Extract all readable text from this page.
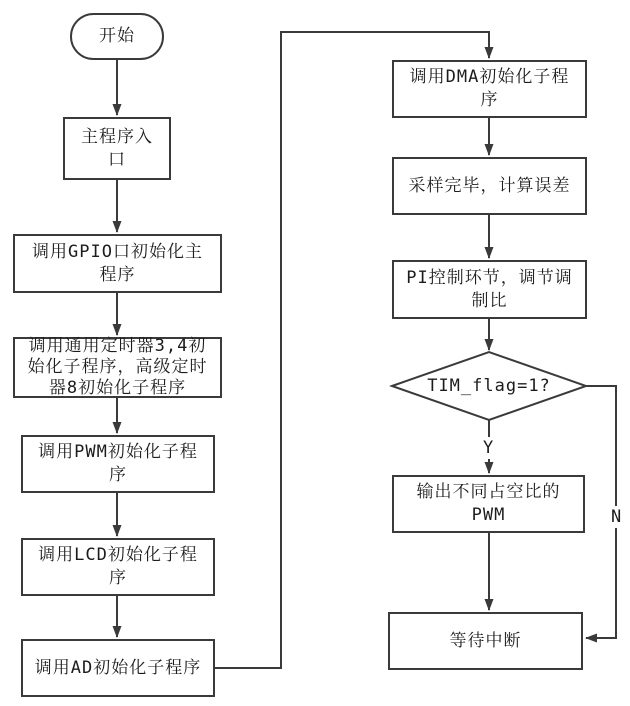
开始
主程序入
口
调用GPIO口初始化主
程序
调用通用定时器3,4初
始化子程序，高级定时
器8初始化子程序
调用PWM初始化子程
序
调用LCD初始化子程
序
调用AD初始化子程序
调用DMA初始化子程
序
采样完毕，计算误差
PI控制环节，调节调
制比
TIM_flag=1?
输出不同占空比的
PWM
等待中断
Y
N
